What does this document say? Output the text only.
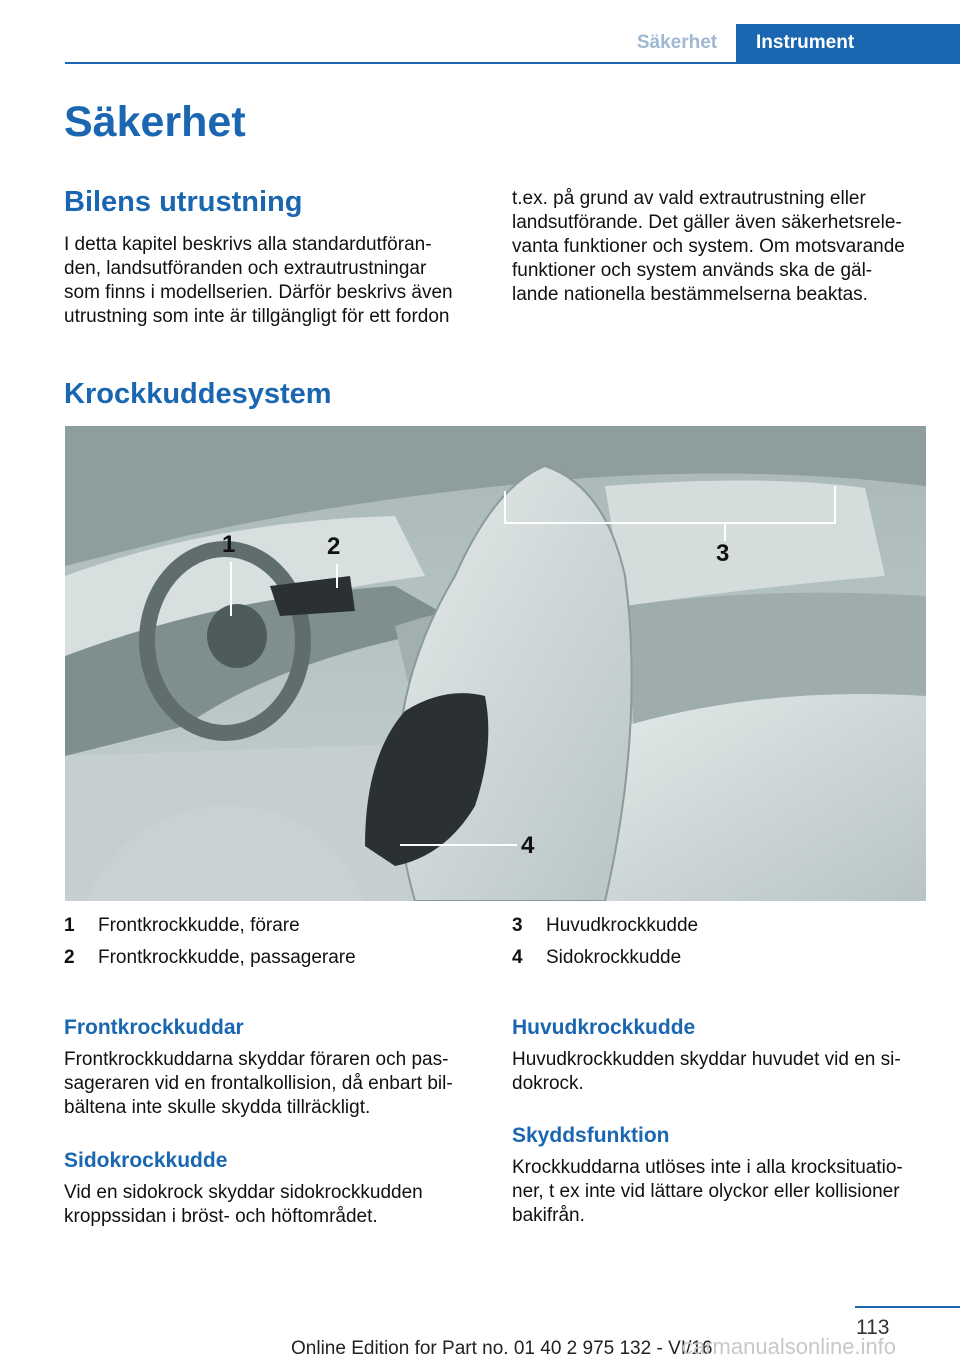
Säkerhet	Instrument
Säkerhet
Bilens utrustning
I detta kapitel beskrivs alla standardutföran-
den, landsutföranden och extrautrustningar
som finns i modellserien. Därför beskrivs även
utrustning som inte är tillgängligt för ett fordon
t.ex. på grund av vald extrautrustning eller
landsutförande. Det gäller även säkerhetsrele-
vanta funktioner och system. Om motsvarande
funktioner och system används ska de gäl-
lande nationella bestämmelserna beaktas.
Krockkuddesystem
1	2	3
4
1 Frontkrockkudde, förare
2 Frontkrockkudde, passagerare
3 Huvudkrockkudde
4 Sidokrockkudde
Frontkrockkuddar
Frontkrockkuddarna skyddar föraren och pas-
sageraren vid en frontalkollision, då enbart bil-
bältena inte skulle skydda tillräckligt.
Sidokrockkudde
Vid en sidokrock skyddar sidokrockkudden
kroppssidan i bröst- och höftområdet.
Huvudkrockkudde
Huvudkrockkudden skyddar huvudet vid en si-
dokrock.
Skyddsfunktion
Krockkuddarna utlöses inte i alla krocksituatio-
ner, t ex inte vid lättare olyckor eller kollisioner
bakifrån.
113
Online Edition for Part no. 01 40 2 975 132 - VI/16
carmanualsonline.info
